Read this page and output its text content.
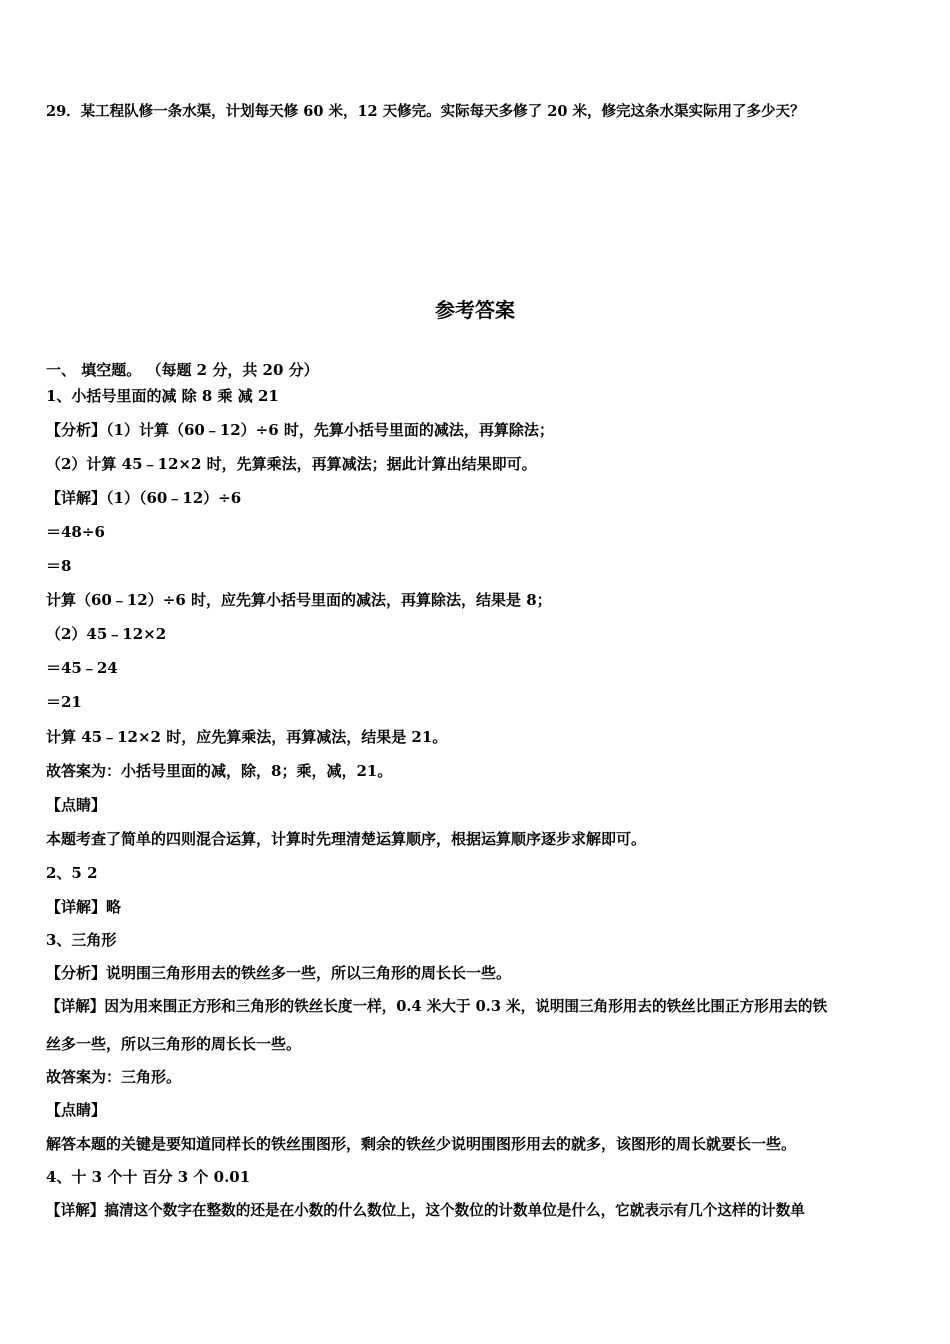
29．某工程队修一条水渠，计划每天修 60 米，12 天修完。实际每天多修了 20 米，修完这条水渠实际用了多少天？
参考答案
一、 填空题。 （每题 2 分，共 20 分）
1、小括号里面的减 除 8 乘 减 21
【分析】（1）计算（60﹣12）÷6 时，先算小括号里面的减法，再算除法；
（2）计算 45﹣12×2 时，先算乘法，再算减法；据此计算出结果即可。
【详解】（1）（60﹣12）÷6
＝48÷6
＝8
计算（60﹣12）÷6 时，应先算小括号里面的减法，再算除法，结果是 8；
（2）45﹣12×2
＝45﹣24
＝21
计算 45﹣12×2 时，应先算乘法，再算减法，结果是 21。
故答案为：小括号里面的减，除，8；乘，减，21。
【点睛】
本题考查了简单的四则混合运算，计算时先理清楚运算顺序，根据运算顺序逐步求解即可。
2、5 2
【详解】略
3、三角形
【分析】说明围三角形用去的铁丝多一些，所以三角形的周长长一些。
【详解】因为用来围正方形和三角形的铁丝长度一样，0.4 米大于 0.3 米，说明围三角形用去的铁丝比围正方形用去的铁
丝多一些，所以三角形的周长长一些。
故答案为：三角形。
【点睛】
解答本题的关键是要知道同样长的铁丝围图形，剩余的铁丝少说明围图形用去的就多，该图形的周长就要长一些。
4、十 3 个十 百分 3 个 0.01
【详解】搞清这个数字在整数的还是在小数的什么数位上，这个数位的计数单位是什么，它就表示有几个这样的计数单
